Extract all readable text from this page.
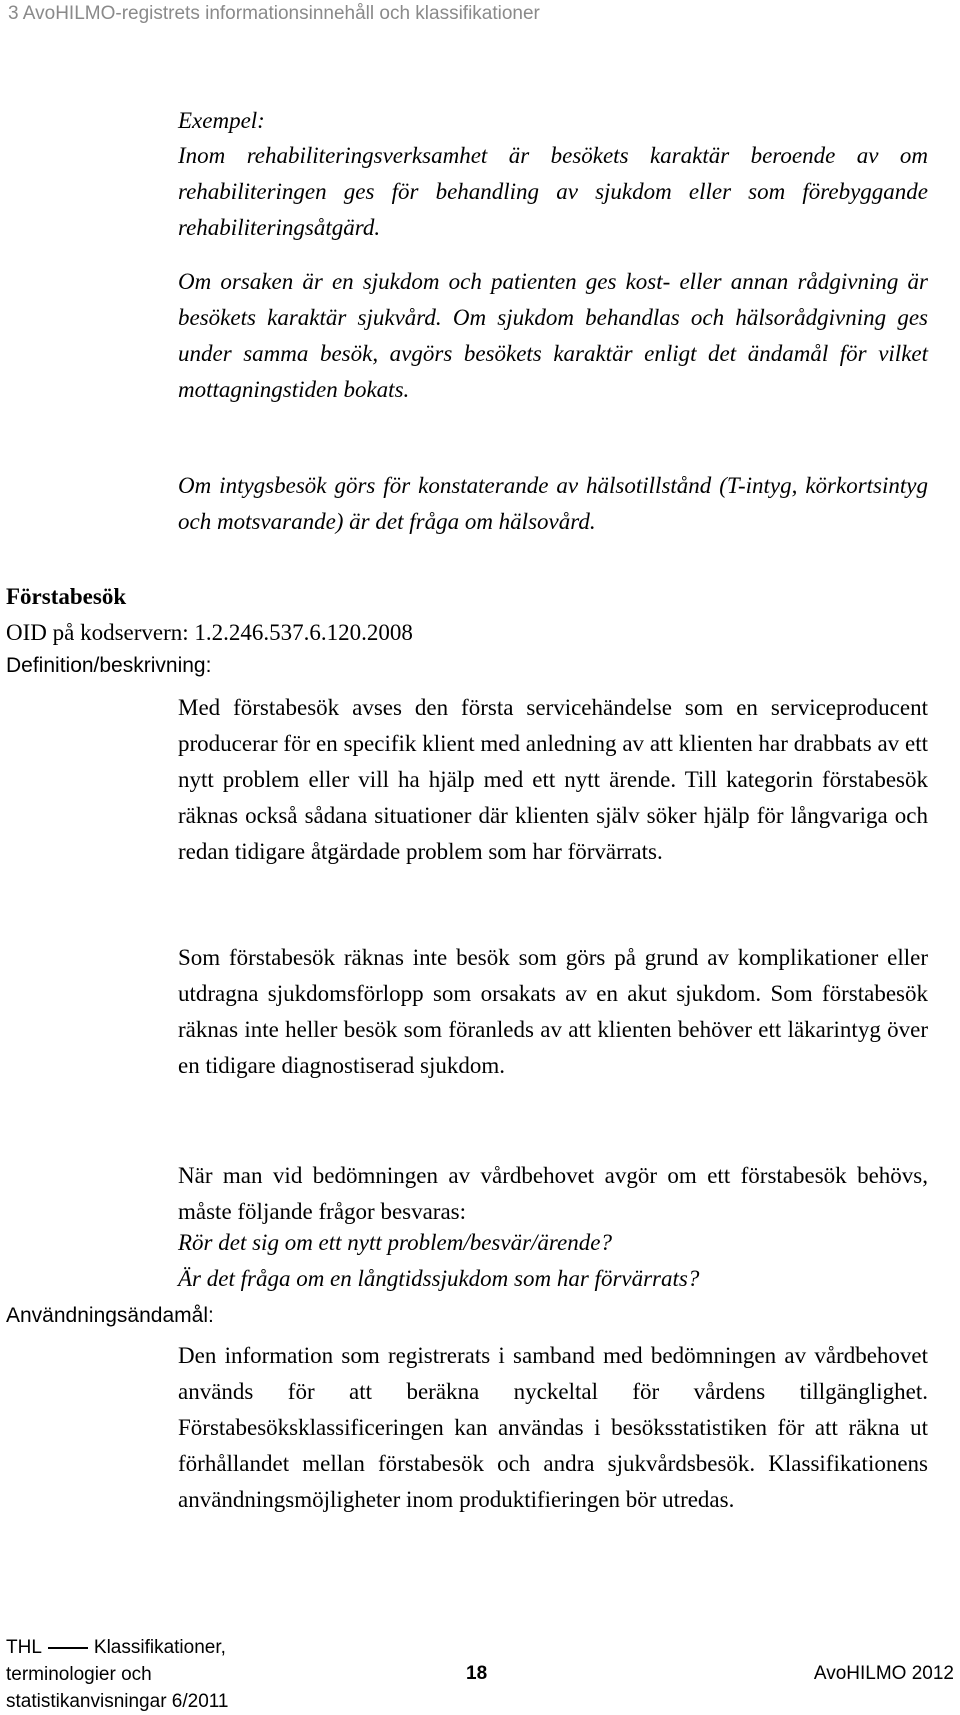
3 AvoHILMO-registrets informationsinnehåll och klassifikationer
Exempel:

Inom rehabiliteringsverksamhet är besökets karaktär beroende av om rehabiliteringen ges för behandling av sjukdom eller som förebyggande rehabiliteringsåtgärd.

Om orsaken är en sjukdom och patienten ges kost- eller annan rådgivning är besökets karaktär sjukvård. Om sjukdom behandlas och hälsorådgivning ges under samma besök, avgörs besökets karaktär enligt det ändamål för vilket mottagningstiden bokats.

Om intygsbesök görs för konstaterande av hälsotillstånd (T-intyg, körkortsintyg och motsvarande) är det fråga om hälsovård.

Förstabesök
OID på kodservern: 1.2.246.537.6.120.2008
Definition/beskrivning:

Med förstabesök avses den första servicehändelse som en serviceproducent producerar för en specifik klient med anledning av att klienten har drabbats av ett nytt problem eller vill ha hjälp med ett nytt ärende. Till kategorin förstabesök räknas också sådana situationer där klienten själv söker hjälp för långvariga och redan tidigare åtgärdade problem som har förvärrats.

Som förstabesök räknas inte besök som görs på grund av komplikationer eller utdragna sjukdomsförlopp som orsakats av en akut sjukdom. Som förstabesök räknas inte heller besök som föranleds av att klienten behöver ett läkarintyg över en tidigare diagnostiserad sjukdom.

När man vid bedömningen av vårdbehovet avgör om ett förstabesök behövs, måste följande frågor besvaras:

Rör det sig om ett nytt problem/besvär/ärende?
Är det fråga om en långtidssjukdom som har förvärrats?
Användningsändamål:

Den information som registrerats i samband med bedömningen av vårdbehovet används för att beräkna nyckeltal för vårdens tillgänglighet. Förstabesöksklassificeringen kan användas i besöksstatistiken för att räkna ut förhållandet mellan förstabesök och andra sjukvårdsbesök. Klassifikationens användningsmöjligheter inom produktifieringen bör utredas.

THL	Klassifikationer,
terminologier och
statistikanvisningar 6/2011
18	AvoHILMO 2012
